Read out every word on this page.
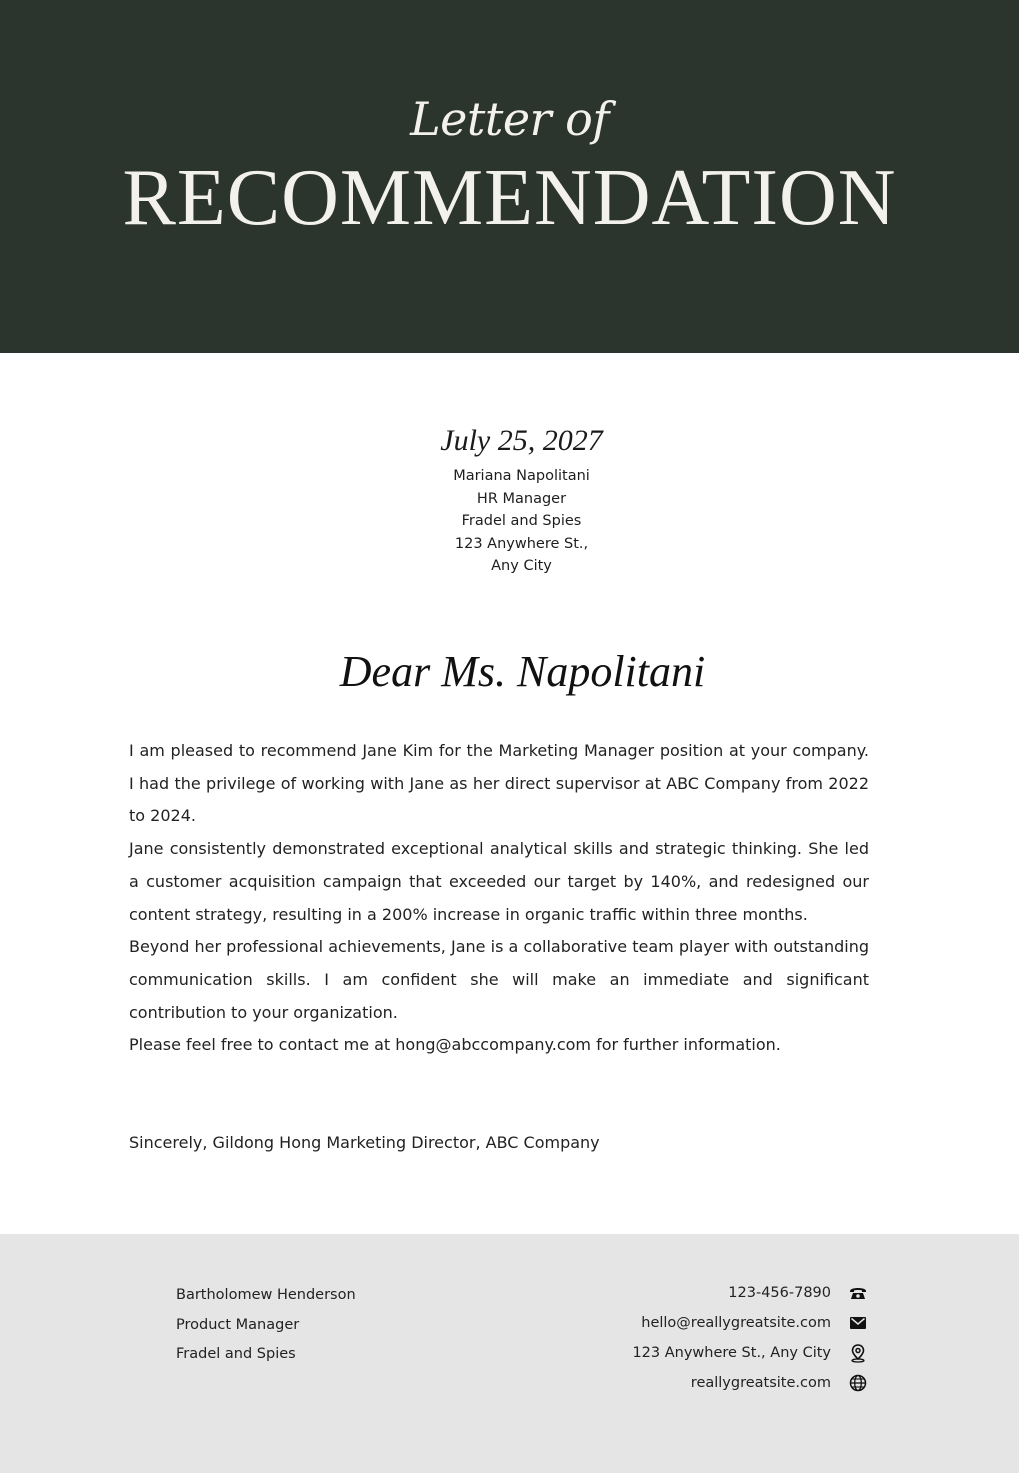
Letter of
RECOMMENDATION
July 25, 2027
Mariana Napolitani
HR Manager
Fradel and Spies
123 Anywhere St.,
Any City
Dear Ms. Napolitani

I am pleased to recommend Jane Kim for the Marketing Manager position at your company. I had the privilege of working with Jane as her direct supervisor at ABC Company from 2022 to 2024.

Jane consistently demonstrated exceptional analytical skills and strategic thinking. She led a customer acquisition campaign that exceeded our target by 140%, and redesigned our content strategy, resulting in a 200% increase in organic traffic within three months.

Beyond her professional achievements, Jane is a collaborative team player with outstanding communication skills. I am confident she will make an immediate and significant contribution to your organization.

Please feel free to contact me at hong@abccompany.com for further information.

Sincerely, Gildong Hong Marketing Director, ABC Company
Bartholomew Henderson
Product Manager
Fradel and Spies
123-456-7890
hello@reallygreatsite.com
123 Anywhere St., Any City
reallygreatsite.com
